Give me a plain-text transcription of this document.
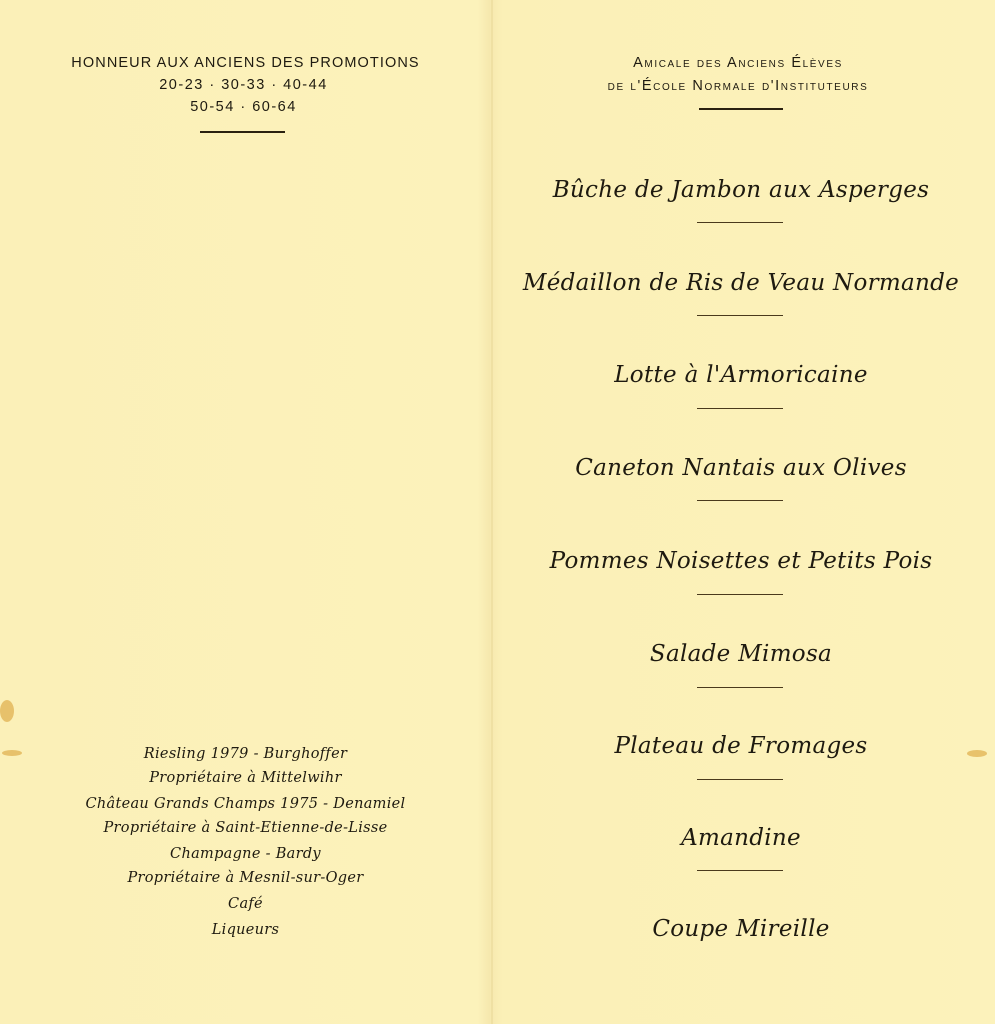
HONNEUR AUX ANCIENS DES PROMOTIONS

20-23 · 30-33 · 40-44

50-54 · 60-64

Riesling 1979 - Burghoffer

Propriétaire à Mittelwihr

Château Grands Champs 1975 - Denamiel

Propriétaire à Saint-Etienne-de-Lisse

Champagne - Bardy

Propriétaire à Mesnil-sur-Oger

Café

Liqueurs

Amicale des Anciens Élèves

de l'École Normale d'Instituteurs

Bûche de Jambon aux Asperges

Médaillon de Ris de Veau Normande

Lotte à l'Armoricaine

Caneton Nantais aux Olives

Pommes Noisettes et Petits Pois

Salade Mimosa

Plateau de Fromages

Amandine

Coupe Mireille
